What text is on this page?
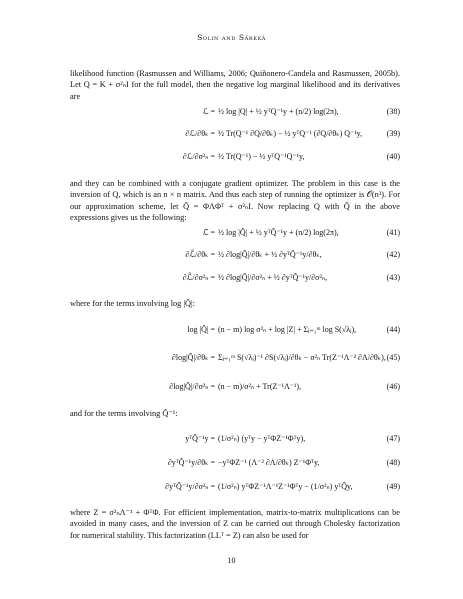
Solin and Särkkä

likelihood function (Rasmussen and Williams, 2006; Quiñonero-Candela and Rasmussen, 2005b). Let Q = K + σ²ₙI for the full model, then the negative log marginal likelihood and its derivatives are

ℒ = ½ log |Q| + ½ yᵀQ⁻¹y + (n/2) log(2π),	(38)
∂ℒ/∂θₖ = ½ Tr(Q⁻¹ ∂Q/∂θₖ) − ½ yᵀQ⁻¹ (∂Q/∂θₖ) Q⁻¹y,	(39)
∂ℒ/∂σ²ₙ = ½ Tr(Q⁻¹) − ½ yᵀQ⁻¹Q⁻¹y,	(40)

and they can be combined with a conjugate gradient optimizer. The problem in this case is the inversion of Q, which is an n × n matrix. And thus each step of running the optimizer is 𝒪(n³). For our approximation scheme, let Q̃ = ΦΛΦᵀ + σ²ₙI. Now replacing Q with Q̃ in the above expressions gives us the following:

ℒ̃ = ½ log |Q̃| + ½ yᵀQ̃⁻¹y + (n/2) log(2π),	(41)
∂ℒ̃/∂θₖ = ½ ∂log|Q̃|/∂θₖ + ½ ∂yᵀQ̃⁻¹y/∂θₖ,	(42)
∂ℒ̃/∂σ²ₙ = ½ ∂log|Q̃|/∂σ²ₙ + ½ ∂yᵀQ̃⁻¹y/∂σ²ₙ,	(43)

where for the terms involving log |Q̃|:

log |Q̃| = (n − m) log σ²ₙ + log |Z| + Σⱼ₌₁ᵐ log S(√λⱼ),	(44)
∂log|Q̃|/∂θₖ = Σⱼ₌₁ᵐ S(√λⱼ)⁻¹ ∂S(√λⱼ)/∂θₖ − σ²ₙ Tr(Z⁻¹Λ⁻² ∂Λ/∂θₖ), (45)
∂log|Q̃|/∂σ²ₙ = (n − m)/σ²ₙ + Tr(Z⁻¹Λ⁻¹),	(46)

and for the terms involving Q̃⁻¹:

yᵀQ̃⁻¹y = (1/σ²ₙ) (yᵀy − yᵀΦZ⁻¹Φᵀy),	(47)
∂yᵀQ̃⁻¹y/∂θₖ = −yᵀΦZ⁻¹ (Λ⁻² ∂Λ/∂θₖ) Z⁻¹Φᵀy,	(48)
∂yᵀQ̃⁻¹y/∂σ²ₙ = (1/σ²ₙ) yᵀΦZ⁻¹Λ⁻¹Z⁻¹Φᵀy − (1/σ²ₙ) yᵀQ̃y,	(49)

where Z = σ²ₙΛ⁻¹ + ΦᵀΦ. For efficient implementation, matrix-to-matrix multiplications can be avoided in many cases, and the inversion of Z can be carried out through Cholesky factorization for numerical stability. This factorization (LLᵀ = Z) can also be used for

10
